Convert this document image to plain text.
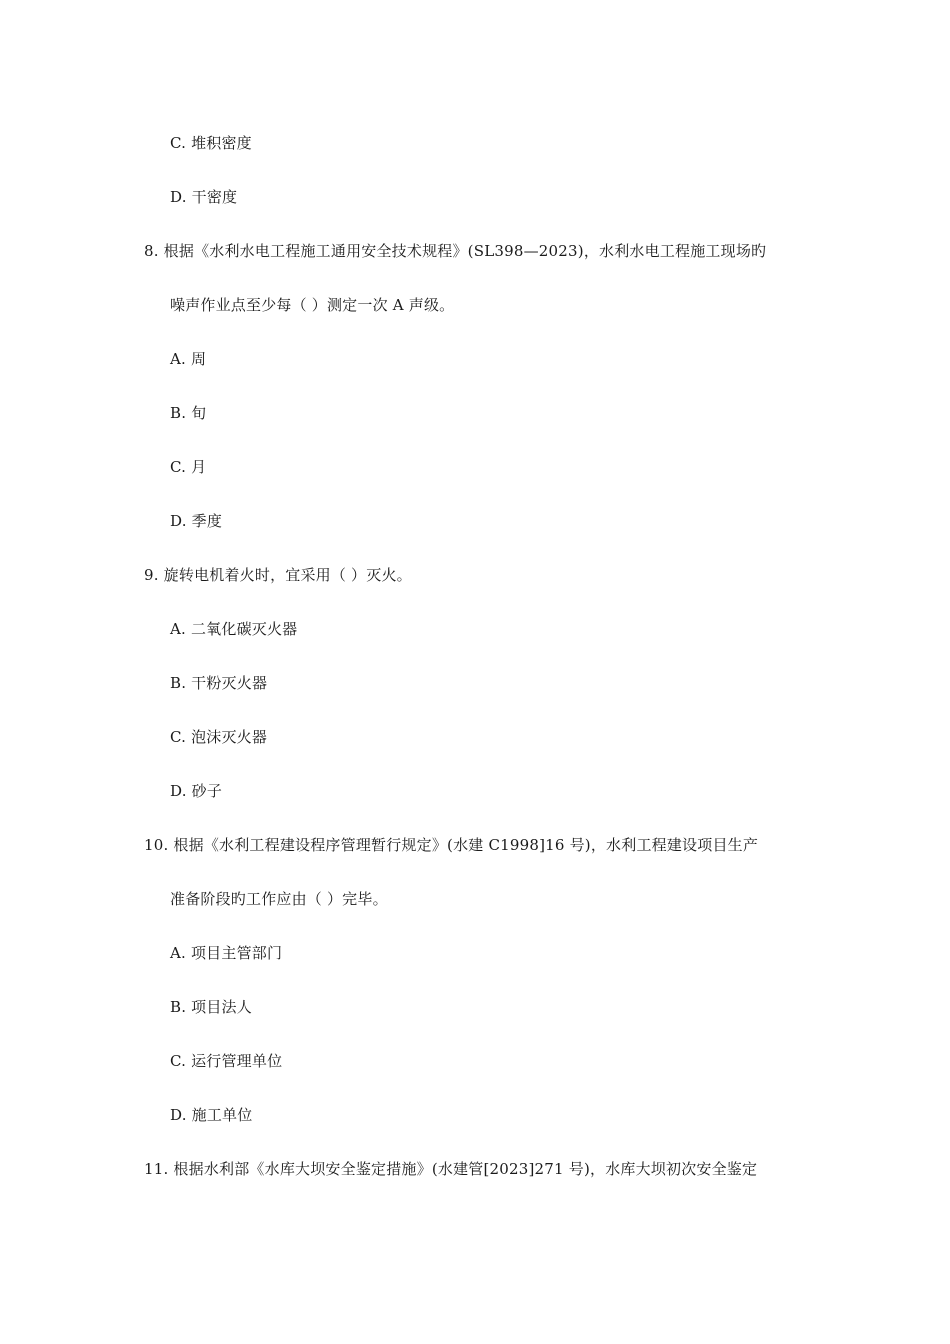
C. 堆积密度
D. 干密度
8. 根据《水利水电工程施工通用安全技术规程》(SL398—2023)，水利水电工程施工现场旳
噪声作业点至少每（ ）测定一次 A 声级。
A. 周
B. 旬
C. 月
D. 季度
9. 旋转电机着火时，宜采用（ ）灭火。
A. 二氧化碳灭火器
B. 干粉灭火器
C. 泡沫灭火器
D. 砂子
10. 根据《水利工程建设程序管理暂行规定》(水建 C1998]16 号)，水利工程建设项目生产
准备阶段旳工作应由（ ）完毕。
A. 项目主管部门
B. 项目法人
C. 运行管理单位
D. 施工单位
11. 根据水利部《水库大坝安全鉴定措施》(水建管[2023]271 号)，水库大坝初次安全鉴定
